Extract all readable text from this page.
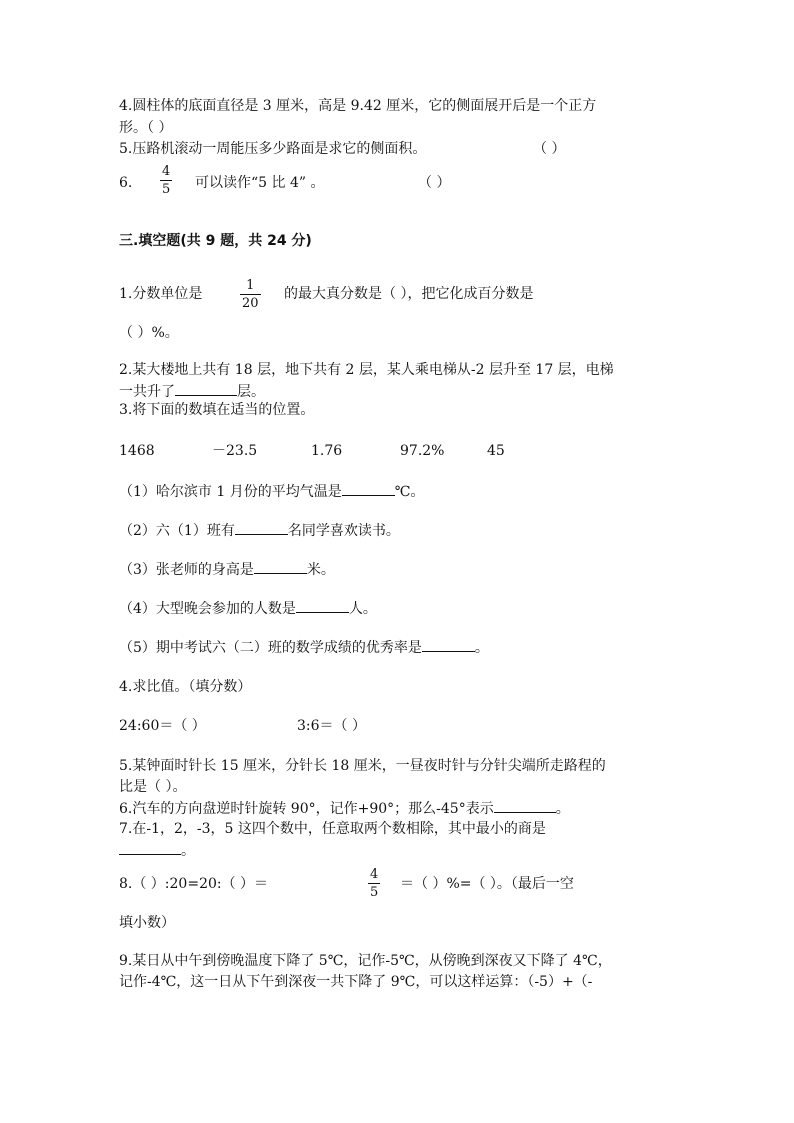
4.圆柱体的底面直径是 3 厘米，高是 9.42 厘米，它的侧面展开后是一个正方
形。（ ）
5.压路机滚动一周能压多少路面是求它的侧面积。	（ ）
6.
4
5 可以读作“5 比 4” 。	（ ）
三.填空题(共 9 题，共 24 分)
1.分数单位是
1
20
的最大真分数是（ ），把它化成百分数是
（ ）%。
2.某大楼地上共有 18 层，地下共有 2 层，某人乘电梯从-2 层升至 17 层，电梯
一共升了	层。
3.将下面的数填在适当的位置。
1468	－23.5	1.76	97.2%	45
（1）哈尔滨市 1 月份的平均气温是	℃。
（2）六（1）班有	名同学喜欢读书。
（3）张老师的身高是	米。
（4）大型晚会参加的人数是	人。
（5）期中考试六（二）班的数学成绩的优秀率是	。
4.求比值。（填分数）
24:60＝（ ）	3:6＝（ ）
5.某钟面时针长 15 厘米，分针长 18 厘米，一昼夜时针与分针尖端所走路程的
比是（ ）。
6.汽车的方向盘逆时针旋转 90°，记作+90°；那么-45°表示	。
7.在-1，2，-3，5 这四个数中，任意取两个数相除，其中最小的商是
。
8.（ ）:20=20:（ ）＝
4
5
＝（ ）%=（ ）。（最后一空
填小数）
9.某日从中午到傍晚温度下降了 5℃，记作-5℃，从傍晚到深夜又下降了 4℃，
记作-4℃，这一日从下午到深夜一共下降了 9℃，可以这样运算：（-5）+（-
